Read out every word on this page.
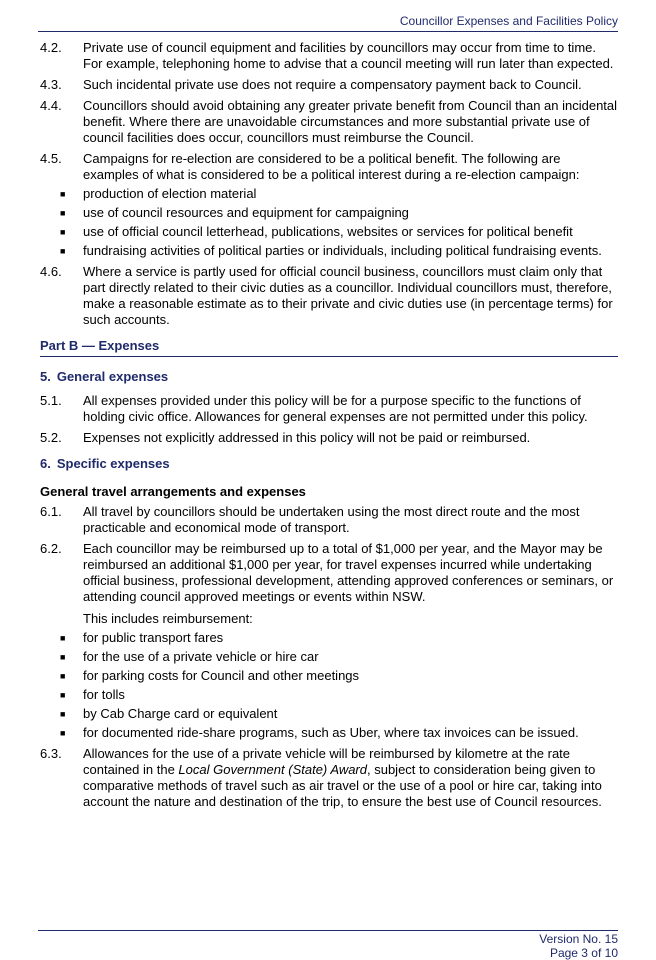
Councillor Expenses and Facilities Policy
4.2. Private use of council equipment and facilities by councillors may occur from time to time. For example, telephoning home to advise that a council meeting will run later than expected.

4.3. Such incidental private use does not require a compensatory payment back to Council.

4.4. Councillors should avoid obtaining any greater private benefit from Council than an incidental benefit. Where there are unavoidable circumstances and more substantial private use of council facilities does occur, councillors must reimburse the Council.

4.5. Campaigns for re-election are considered to be a political benefit. The following are examples of what is considered to be a political interest during a re-election campaign:

■ production of election material
■ use of council resources and equipment for campaigning
■ use of official council letterhead, publications, websites or services for political benefit
■ fundraising activities of political parties or individuals, including political fundraising events.
4.6. Where a service is partly used for official council business, councillors must claim only that part directly related to their civic duties as a councillor. Individual councillors must, therefore, make a reasonable estimate as to their private and civic duties use (in percentage terms) for such accounts.

Part B — Expenses
5. General expenses
5.1. All expenses provided under this policy will be for a purpose specific to the functions of holding civic office. Allowances for general expenses are not permitted under this policy.

5.2. Expenses not explicitly addressed in this policy will not be paid or reimbursed.

6. Specific expenses
General travel arrangements and expenses
6.1. All travel by councillors should be undertaken using the most direct route and the most practicable and economical mode of transport.

6.2. Each councillor may be reimbursed up to a total of $1,000 per year, and the Mayor may be reimbursed an additional $1,000 per year, for travel expenses incurred while undertaking official business, professional development, attending approved conferences or seminars, or attending council approved meetings or events within NSW.

This includes reimbursement:

■ for public transport fares
■ for the use of a private vehicle or hire car
■ for parking costs for Council and other meetings
■ for tolls
■ by Cab Charge card or equivalent
■ for documented ride-share programs, such as Uber, where tax invoices can be issued.
6.3. Allowances for the use of a private vehicle will be reimbursed by kilometre at the rate contained in the Local Government (State) Award, subject to consideration being given to comparative methods of travel such as air travel or the use of a pool or hire car, taking into account the nature and destination of the trip, to ensure the best use of Council resources.

Version No. 15
Page 3 of 10
